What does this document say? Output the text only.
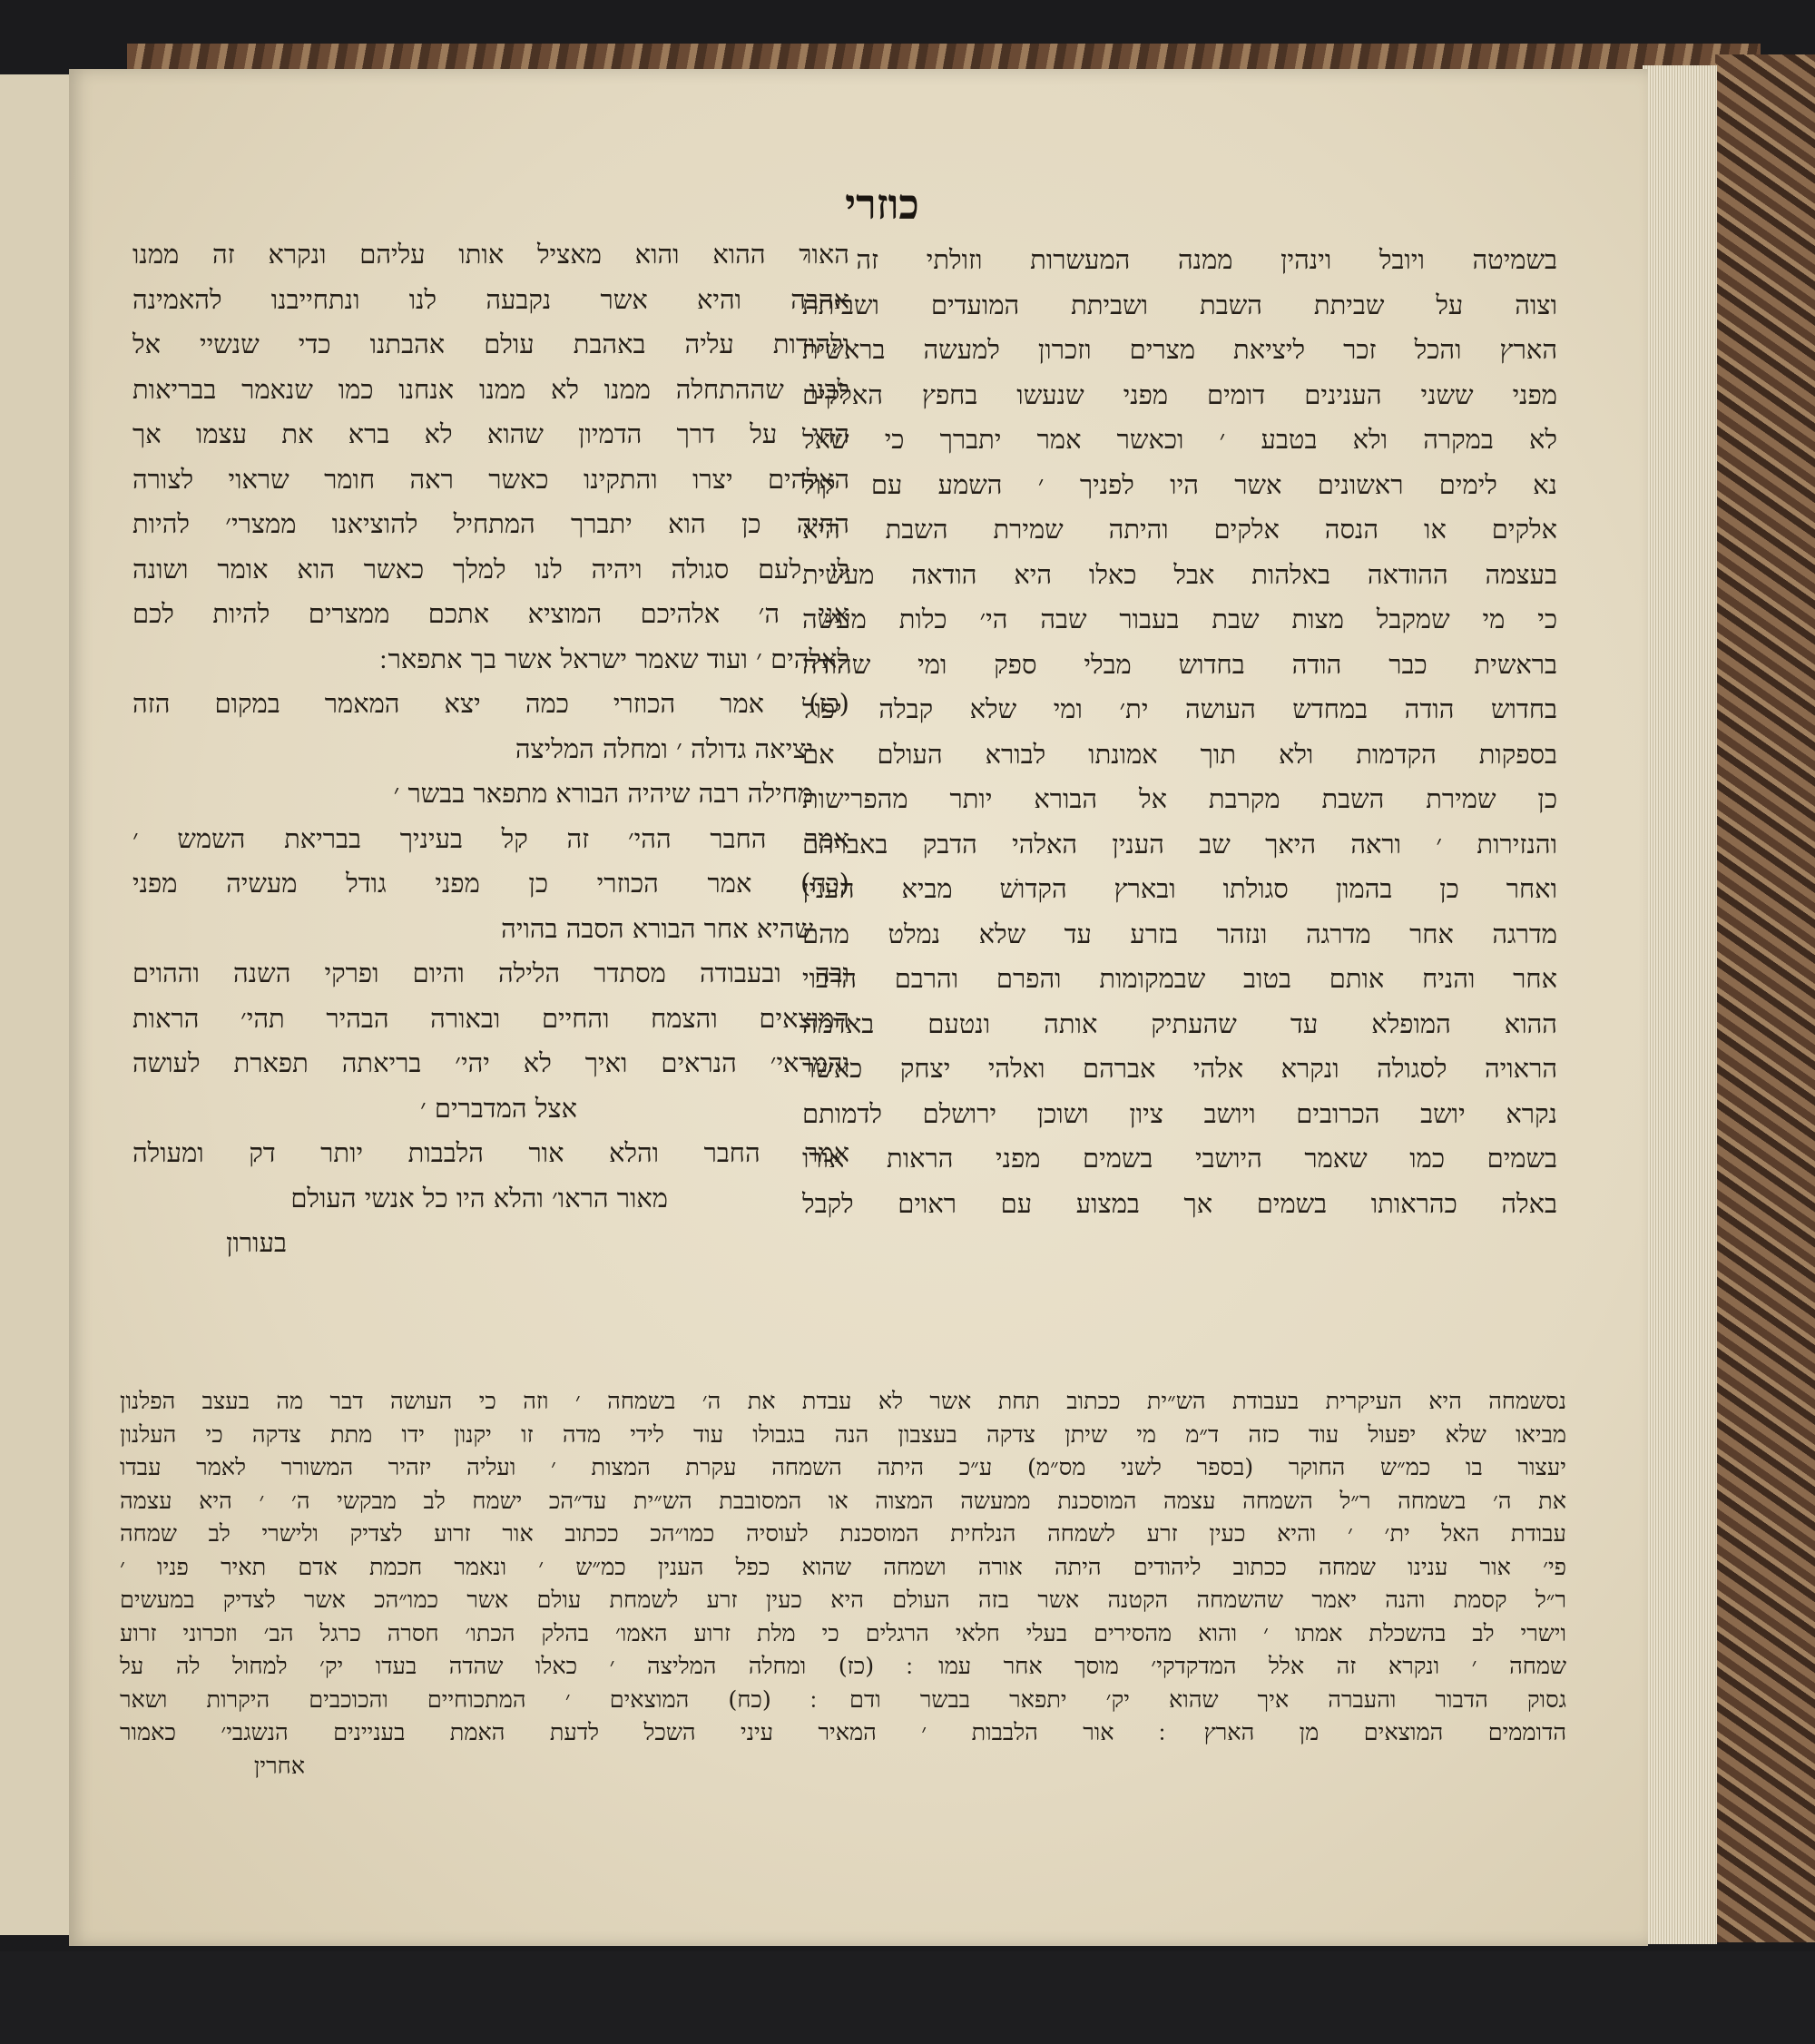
כוזרי
בשמיטה ויובל וינהין ממנה המעשרות וזולתי זה ׳
וצוה על שביתת השבת ושביתת המועדים ושביתת
הארץ והכל זכר ליציאת מצרים וזכרון למעשה בראשית
מפני ששני הענינים דומים מפני שנעשו בחפץ האלקים
לא במקרה ולא בטבע ׳ וכאשר אמר יתברך כי שאל
נא לימים ראשונים אשר היו לפניך ׳ השמע עם קול
אלקים או הנסה אלקים והיתה שמירת השבת היא
בעצמה ההודאה באלהות אבל כאלו היא הודאה מעשית
כי מי שמקבל מצות שבת בעבור שבה הי׳ כלות מעשה
בראשית כבר הודה בחדוש מבלי ספק ומי שהודה
בחדוש הודה במחדש העושה ית׳ ומי שלא קבלה יפול
בספקות הקדמות ולא תוך אמונתו לבורא העולם אם
כן שמירת השבת מקרבת אל הבורא יותר מהפרישות
והנזירות ׳ וראה היאך שב הענין האלהי הדבק באברהם
ואחר כן בהמון סגולתו ובארץ הקדושׁ מביא הענין
מדרגה אחר מדרגה ונזהר בזרע עד שלא נמלט מהם
אחר והניח אותם בטוב שבמקומות והפרם והרבם הרבוי
ההוא המופלא עד שהעתיק אותה ונטעם באדמה
הראויה לסגולה ונקרא אלהי אברהם ואלהי יצחק כאשר
נקרא יושב הכרובים ויושב ציון ושוכן ירושלם לדמותם
בשמים כמו שאמר היושבי בשמים מפני הראות אורו
באלה כהראותו בשמים אך במצוע עם ראוים לקבל
האור ההוא והוא מאציל אותו עליהם ונקרא זה ממנו
אהבה והיא אשר נקבעה לנו ונתחייבנו להאמינה
ולהודות עליה באהבת עולם אהבתנו כדי שנשיי אל
לבנו שההתחלה ממנו לא ממנו אנחנו כמו שנאמר בבריאות
החי על דרך הדמיון שהוא לא ברא את עצמו אך
האלהים יצרו והתקינו כאשר ראה חומר שראוי לצורה
החיה כן הוא יתברך המתחיל להוציאנו ממצרי׳ להיות
לו לעם סגולה ויהיה לנו למלך כאשר הוא אומר ושונה
אני ה׳ אלהיכם המוציא אתכם ממצרים להיות לכם
לאלהים ׳ ועוד שאמר ישראל אשר בך אתפאר ׃
(כז) אמר הכוזרי כמה יצא המאמר במקום הזה
יציאה גדולה ׳ ומחלה המליצה
מחילה רבה שיהיה הבורא מתפאר בבשר ׳
אמר החבר ההי׳ זה קל בעיניך בבריאת השמש ׳
(כח) אמר הכוזרי כן מפני גודל מעשיה מפני
שהיא אחר הבורא הסבה בהויה
ובה ובעבודה מסתדר הלילה והיום ופרקי השנה וההוים
המוצאים והצמח והחיים ובאורה הבהיר תהי׳ הראות
והמראי׳ הנראים ואיך לא יהי׳ בריאתה תפארת לעושה
אצל המדברים ׳
אמר החבר והלא אור הלבבות יותר דק ומעולה
מאור הראו׳ והלא היו כל אנשי העולם
בעורון
נסשמחה היא העיקרית בעבודת הש״ית ככתוב תחת אשר לא עבדת את ה׳ בשמחה ׳ וזה כי העושה דבר מה בעצב הפלנון
מביאו שלא יפעול עוד כזה ד״מ מי שיתן צדקה בעצבון הנה בגבולו עוד לידי מדה זו יקנון ידו מתת צדקה כי העלנון
יעצור בו כמ״ש החוקר (בספר לשני מס״מ) ע״כ היתה השמחה עקרת המצות ׳ ועליה יזהיר המשורר לאמר עבדו
את ה׳ בשמחה ר״ל השמחה עצמה המוסכנת ממעשה המצוה או המסובבת הש״ית עד״הכ ישמח לב מבקשי ה׳ ׳ היא עצמה
עבודת האל ית׳ ׳ והיא כעין זרע לשמחה הנלחית המוסכנת לעוסיה כמו״הכ ככתוב אור זרוע לצדיק ולישרי לב שמחה
פי׳ אור ענינו שמחה ככתוב ליהודים היתה אורה ושמחה שהוא כפל הענין כמ״ש ׳ ונאמר חכמת אדם תאיר פניו ׳
ר״ל קסמת והנה יאמר שהשמחה הקטנה אשר בזה העולם היא כעין זרע לשמחת עולם אשר כמו״הכ אשר לצדיק במעשים
וישרי לב בהשכלת אמתו ׳ והוא מהסירים בעלי חלאי הרגלים כי מלת זרוע האמו׳ בהלק הכתו׳ חסרה כרגל הב׳ וזכרוני זרוע
שמחה ׳ ונקרא זה אלל המדקדקי׳ מוסך אחר עמו ׃ (כז) ומחלה המליצה ׳ כאלו שהדה בעדו יק׳ למחול לה על
גסוק הדבור והעברה איך שהוא יק׳ יתפאר בבשר ודם ׃ (כח) המוצאים ׳ המתכוחיים והכוכבים היקרות ושאר
הדוממים המוצאים מן הארץ ׃ אור הלבבות ׳ המאיר עיני השכל לדעת האמת בעניינים הנשגבי׳ כאמור
אחרין
